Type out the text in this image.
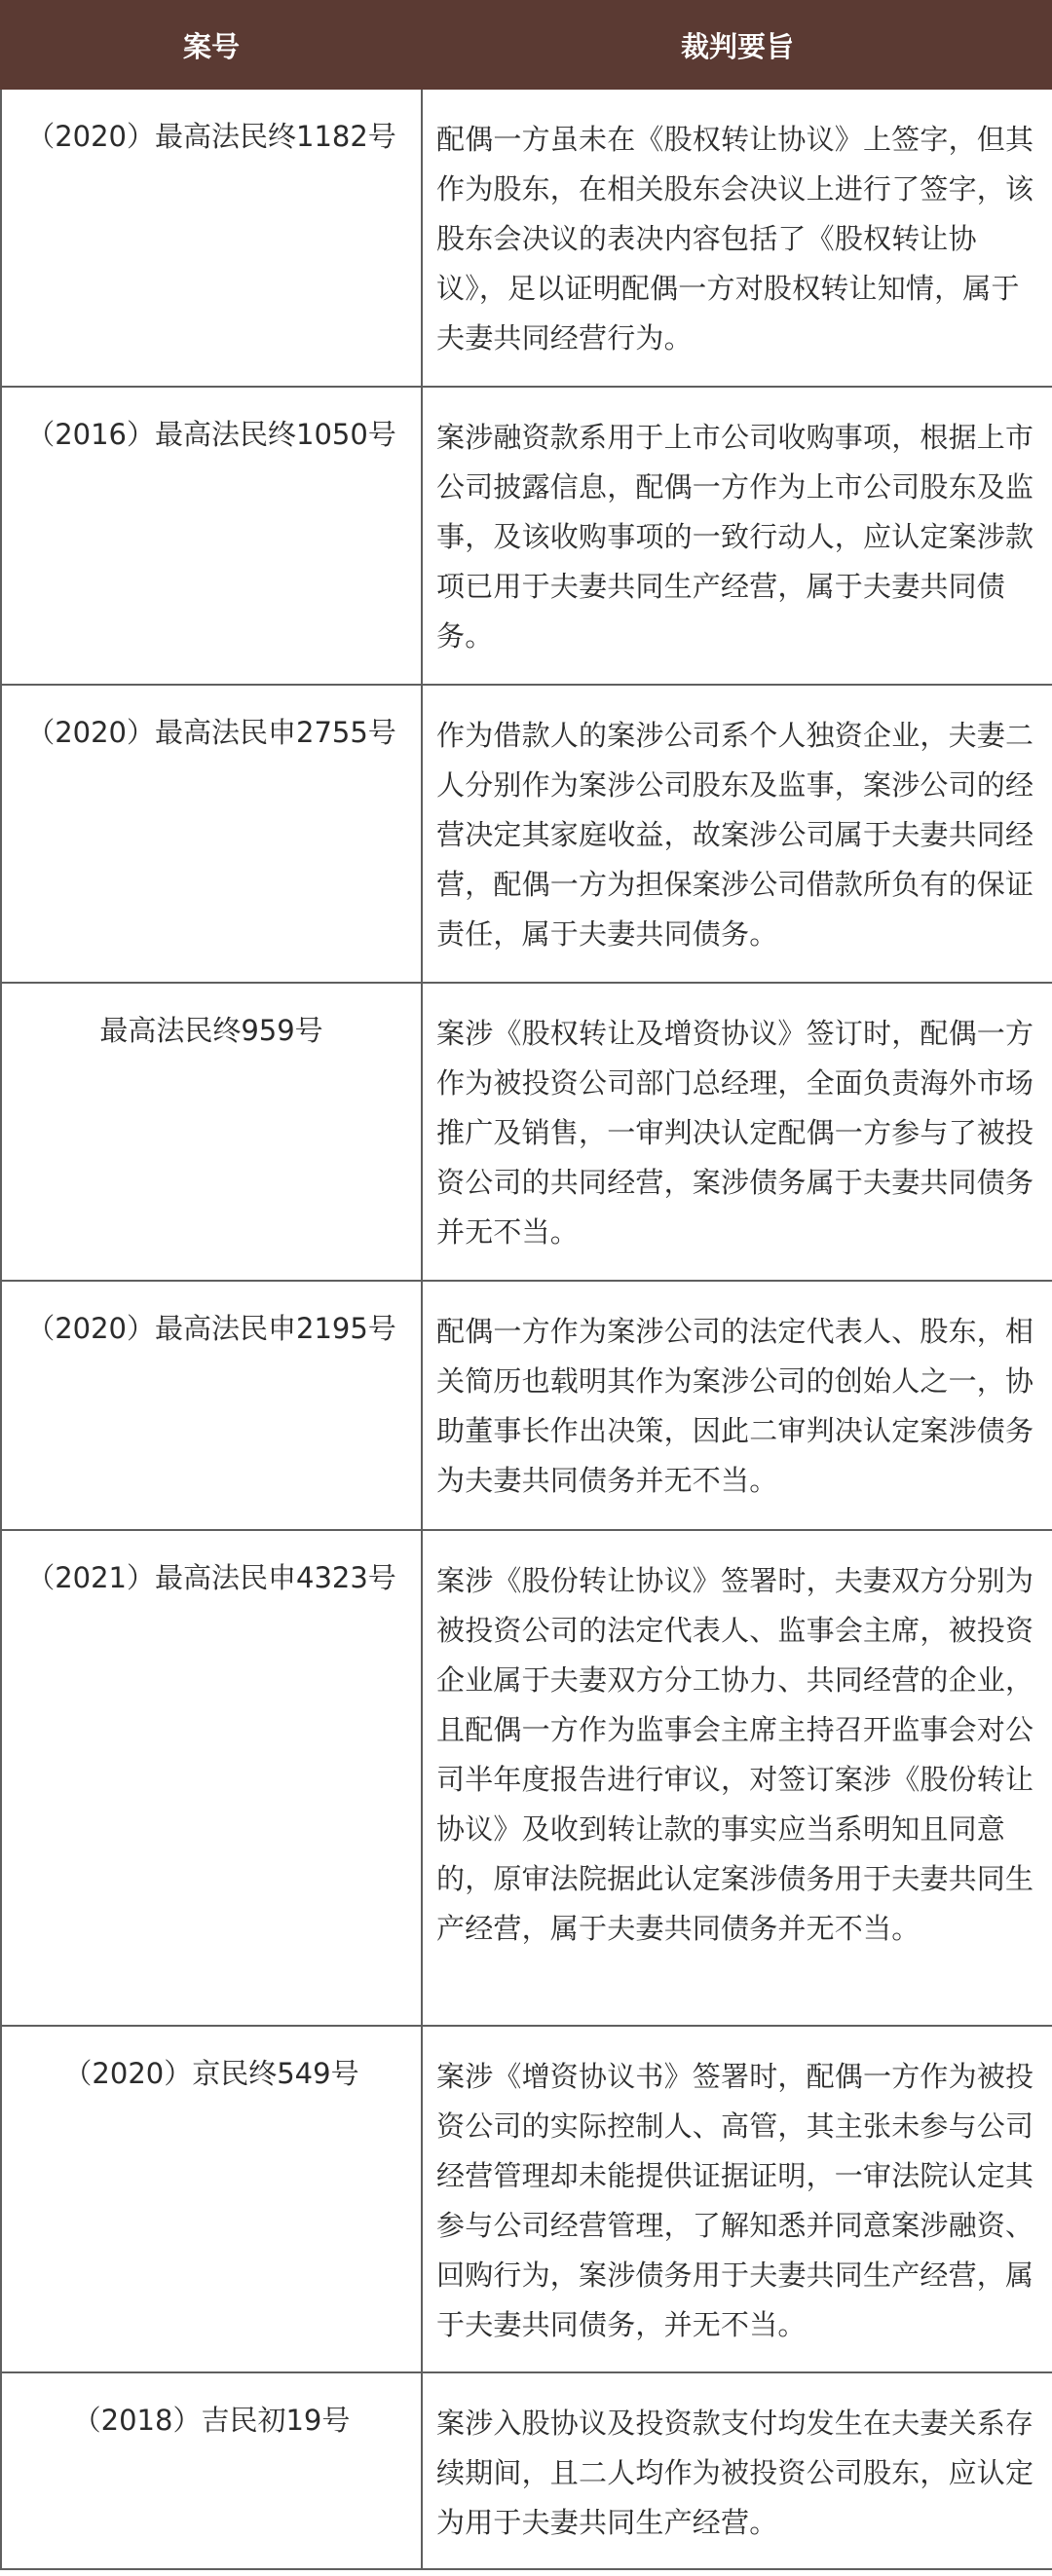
案号	裁判要旨
（2020）最高法民终1182号	配偶一方虽未在《股权转让协议》上签字，但其作为股东，在相关股东会决议上进行了签字，该股东会决议的表决内容包括了《股权转让协议》，足以证明配偶一方对股权转让知情，属于夫妻共同经营行为。
（2016）最高法民终1050号	案涉融资款系用于上市公司收购事项，根据上市公司披露信息，配偶一方作为上市公司股东及监事，及该收购事项的一致行动人，应认定案涉款项已用于夫妻共同生产经营，属于夫妻共同债务。
（2020）最高法民申2755号	作为借款人的案涉公司系个人独资企业，夫妻二人分别作为案涉公司股东及监事，案涉公司的经营决定其家庭收益，故案涉公司属于夫妻共同经营，配偶一方为担保案涉公司借款所负有的保证责任，属于夫妻共同债务。
最高法民终959号	案涉《股权转让及增资协议》签订时，配偶一方作为被投资公司部门总经理，全面负责海外市场推广及销售，一审判决认定配偶一方参与了被投资公司的共同经营，案涉债务属于夫妻共同债务并无不当。
（2020）最高法民申2195号	配偶一方作为案涉公司的法定代表人、股东，相关简历也载明其作为案涉公司的创始人之一，协助董事长作出决策，因此二审判决认定案涉债务为夫妻共同债务并无不当。
（2021）最高法民申4323号	案涉《股份转让协议》签署时，夫妻双方分别为被投资公司的法定代表人、监事会主席，被投资企业属于夫妻双方分工协力、共同经营的企业，且配偶一方作为监事会主席主持召开监事会对公司半年度报告进行审议，对签订案涉《股份转让协议》及收到转让款的事实应当系明知且同意的，原审法院据此认定案涉债务用于夫妻共同生产经营，属于夫妻共同债务并无不当。
（2020）京民终549号	案涉《增资协议书》签署时，配偶一方作为被投资公司的实际控制人、高管，其主张未参与公司经营管理却未能提供证据证明，一审法院认定其参与公司经营管理，了解知悉并同意案涉融资、回购行为，案涉债务用于夫妻共同生产经营，属于夫妻共同债务，并无不当。
（2018）吉民初19号	案涉入股协议及投资款支付均发生在夫妻关系存续期间，且二人均作为被投资公司股东，应认定为用于夫妻共同生产经营。
